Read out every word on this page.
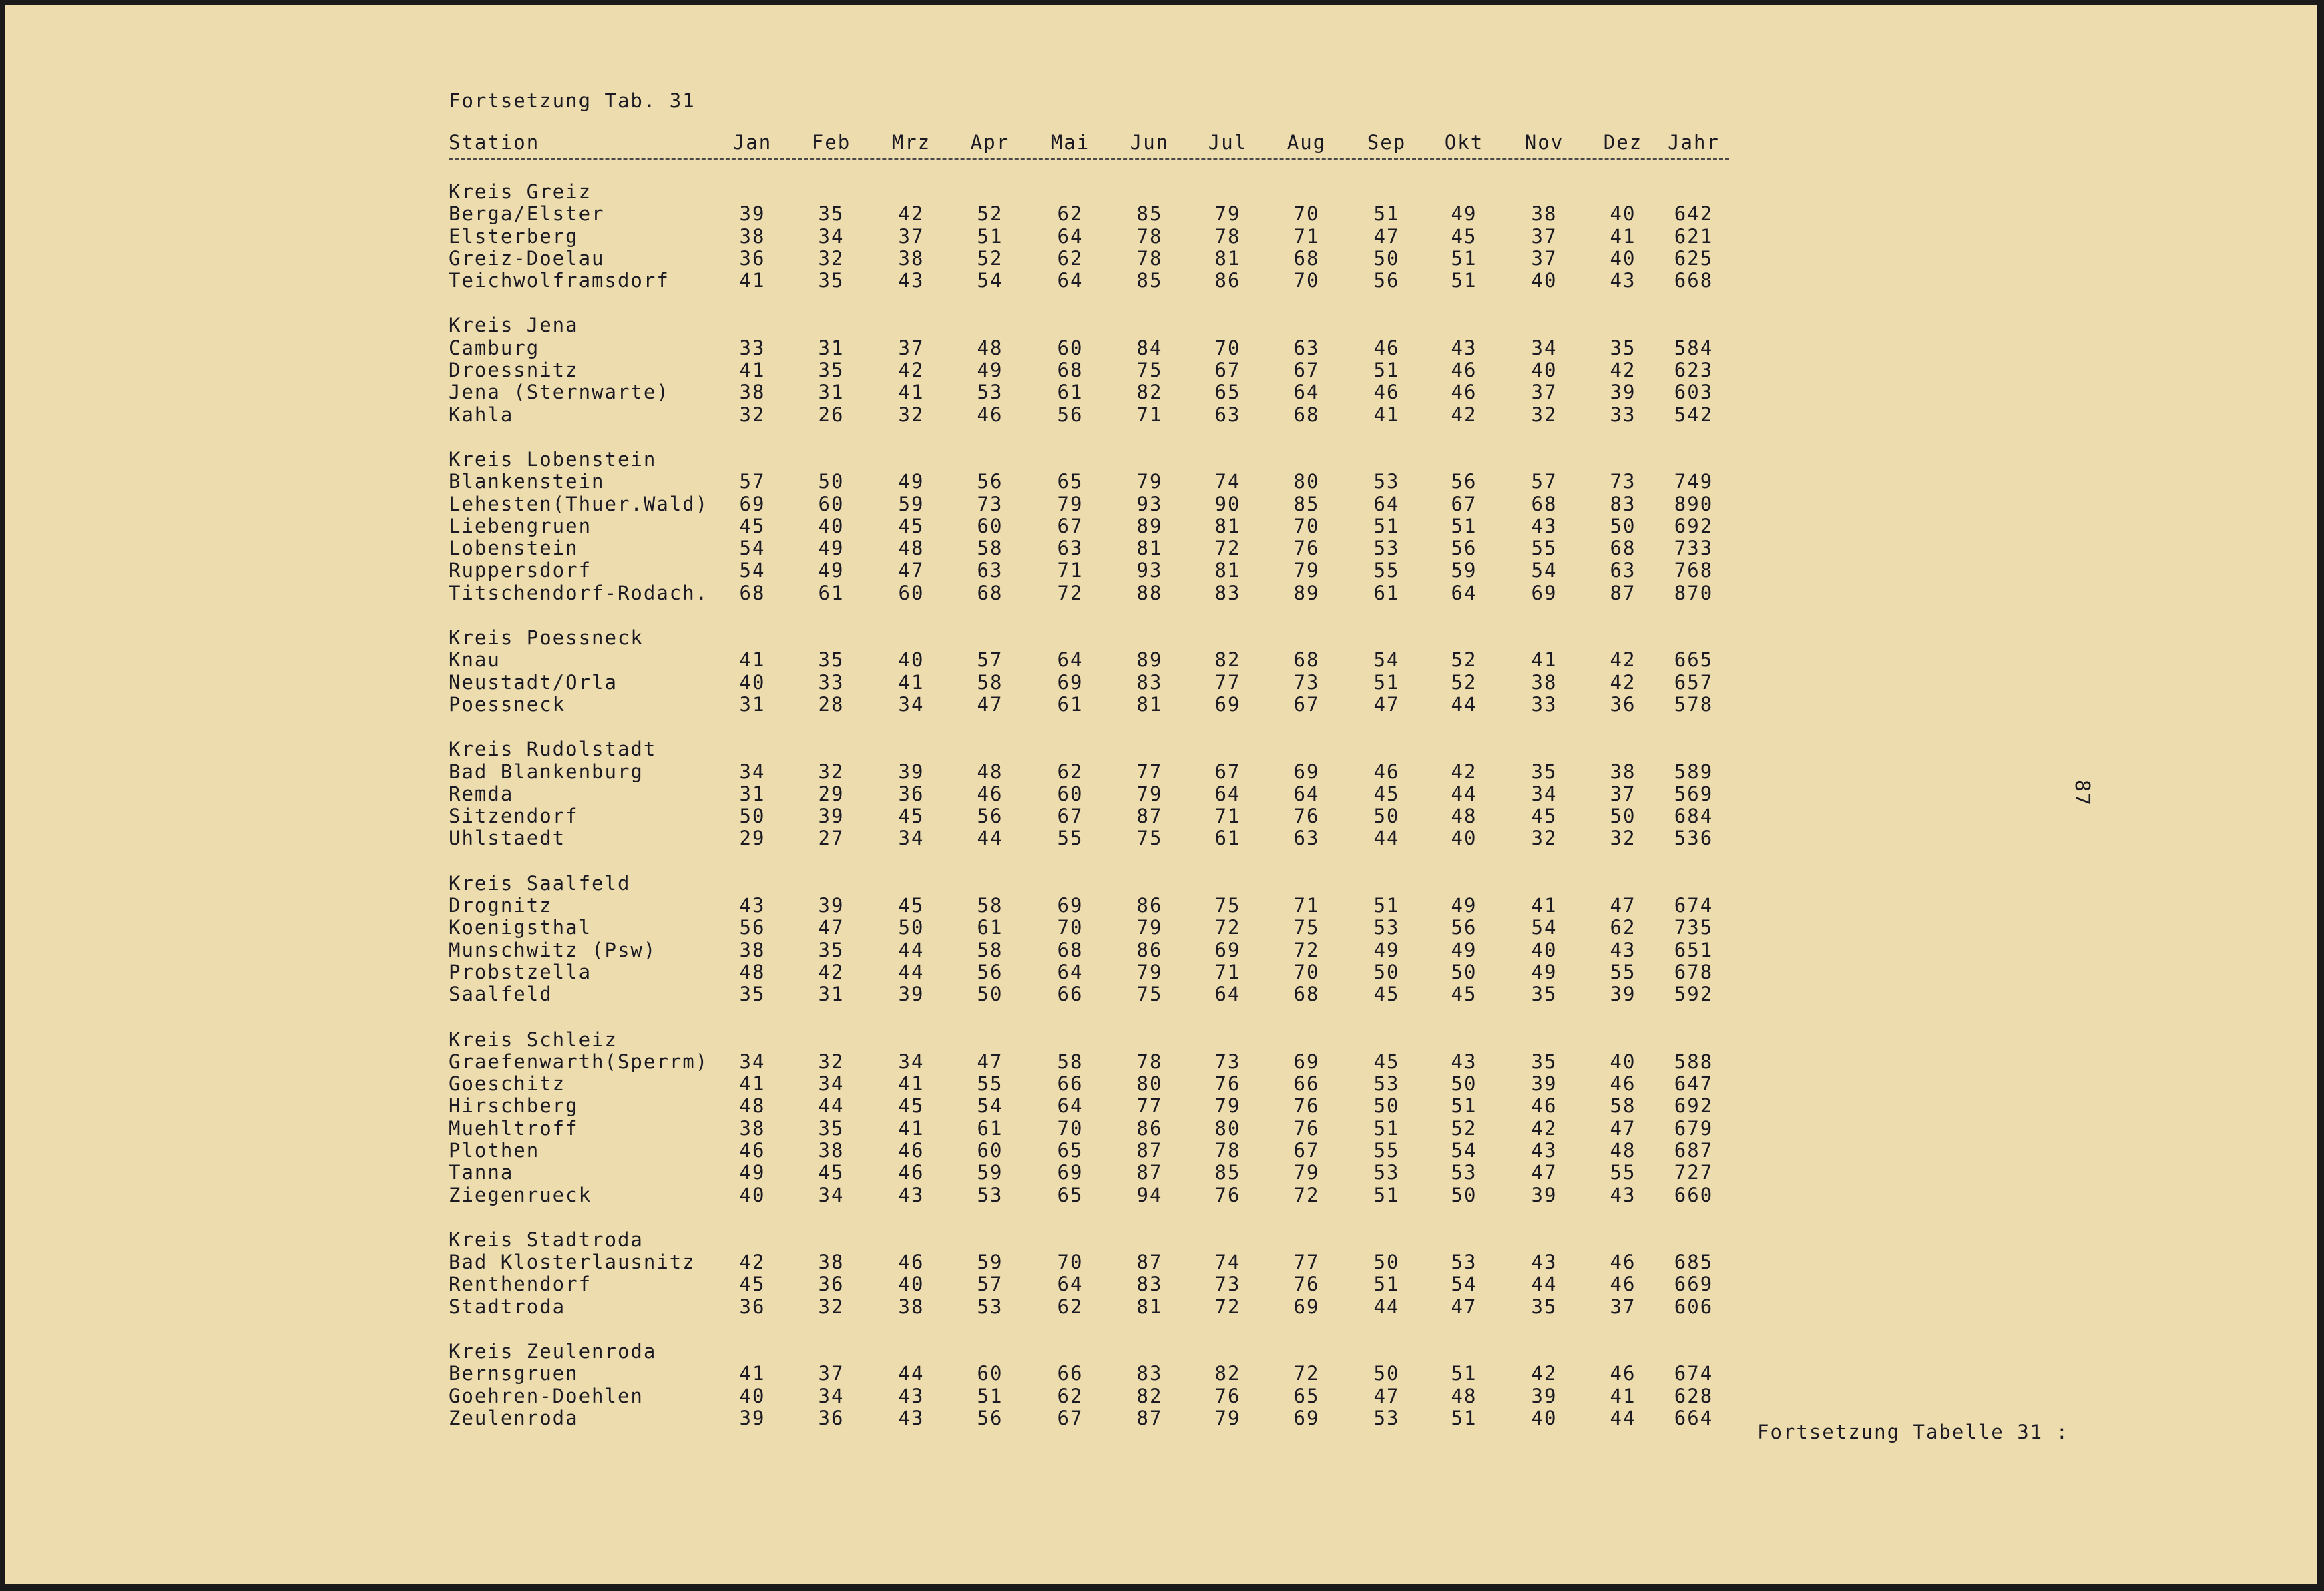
Fortsetzung Tab. 31
Station	Jan	Feb	Mrz	Apr	Mai	Jun	Jul	Aug	Sep	Okt	Nov	Dez	Jahr
Kreis Greiz
Berga/Elster	39	35	42	52	62	85	79	70	51	49	38	40	642
Elsterberg	38	34	37	51	64	78	78	71	47	45	37	41	621
Greiz-Doelau	36	32	38	52	62	78	81	68	50	51	37	40	625
Teichwolframsdorf	41	35	43	54	64	85	86	70	56	51	40	43	668
Kreis Jena
Camburg	33	31	37	48	60	84	70	63	46	43	34	35	584
Droessnitz	41	35	42	49	68	75	67	67	51	46	40	42	623
Jena (Sternwarte)	38	31	41	53	61	82	65	64	46	46	37	39	603
Kahla	32	26	32	46	56	71	63	68	41	42	32	33	542
Kreis Lobenstein
Blankenstein	57	50	49	56	65	79	74	80	53	56	57	73	749
Lehesten(Thuer.Wald)	69	60	59	73	79	93	90	85	64	67	68	83	890
Liebengruen	45	40	45	60	67	89	81	70	51	51	43	50	692
Lobenstein	54	49	48	58	63	81	72	76	53	56	55	68	733
Ruppersdorf	54	49	47	63	71	93	81	79	55	59	54	63	768
Titschendorf-Rodach.	68	61	60	68	72	88	83	89	61	64	69	87	870
Kreis Poessneck
Knau	41	35	40	57	64	89	82	68	54	52	41	42	665
Neustadt/Orla	40	33	41	58	69	83	77	73	51	52	38	42	657
Poessneck	31	28	34	47	61	81	69	67	47	44	33	36	578
Kreis Rudolstadt
Bad Blankenburg	34	32	39	48	62	77	67	69	46	42	35	38	589
Remda	31	29	36	46	60	79	64	64	45	44	34	37	569
Sitzendorf	50	39	45	56	67	87	71	76	50	48	45	50	684
Uhlstaedt	29	27	34	44	55	75	61	63	44	40	32	32	536
Kreis Saalfeld
Drognitz	43	39	45	58	69	86	75	71	51	49	41	47	674
Koenigsthal	56	47	50	61	70	79	72	75	53	56	54	62	735
Munschwitz (Psw)	38	35	44	58	68	86	69	72	49	49	40	43	651
Probstzella	48	42	44	56	64	79	71	70	50	50	49	55	678
Saalfeld	35	31	39	50	66	75	64	68	45	45	35	39	592
Kreis Schleiz
Graefenwarth(Sperrm)	34	32	34	47	58	78	73	69	45	43	35	40	588
Goeschitz	41	34	41	55	66	80	76	66	53	50	39	46	647
Hirschberg	48	44	45	54	64	77	79	76	50	51	46	58	692
Muehltroff	38	35	41	61	70	86	80	76	51	52	42	47	679
Plothen	46	38	46	60	65	87	78	67	55	54	43	48	687
Tanna	49	45	46	59	69	87	85	79	53	53	47	55	727
Ziegenrueck	40	34	43	53	65	94	76	72	51	50	39	43	660
Kreis Stadtroda
Bad Klosterlausnitz	42	38	46	59	70	87	74	77	50	53	43	46	685
Renthendorf	45	36	40	57	64	83	73	76	51	54	44	46	669
Stadtroda	36	32	38	53	62	81	72	69	44	47	35	37	606
Kreis Zeulenroda
Bernsgruen	41	37	44	60	66	83	82	72	50	51	42	46	674
Goehren-Doehlen	40	34	43	51	62	82	76	65	47	48	39	41	628
Zeulenroda	39	36	43	56	67	87	79	69	53	51	40	44	664
87
Fortsetzung Tabelle 31 :
